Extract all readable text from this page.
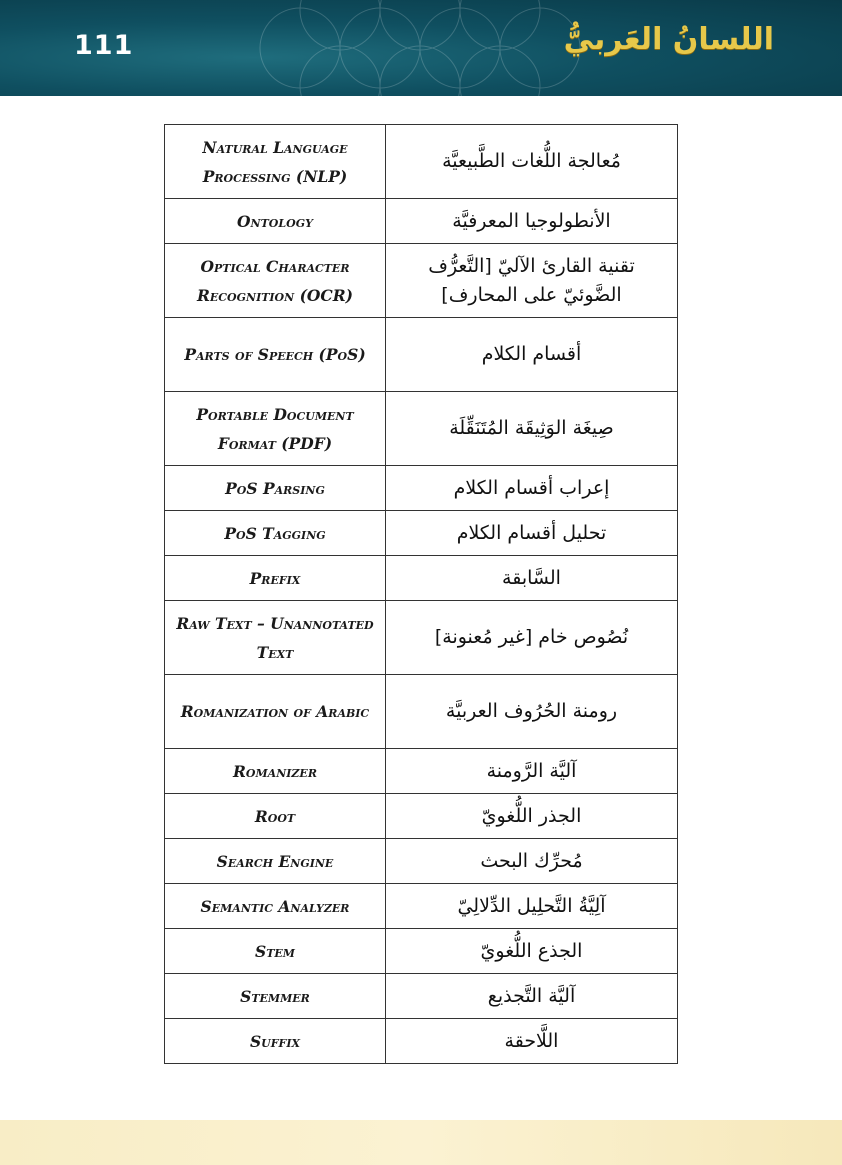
111	اللسانُ العَربيُّ
Natural Language Processing (NLP)	مُعالجة اللُّغات الطَّبيعيَّة
Ontology	الأنطولوجيا المعرفيَّة
Optical Character Recognition (OCR)	تقنية القارئ الآليّ [التَّعرُّف الضَّوئيّ على المحارف]
Parts of Speech (PoS)	أقسام الكلام
Portable Document Format (PDF)	صِيغَة الوَثِيقَة المُتَنَقِّلَة
PoS Parsing	إعراب أقسام الكلام
PoS Tagging	تحليل أقسام الكلام
Prefix	السَّابقة
Raw Text – Unannotated Text	نُصُوص خام [غير مُعنونة]
Romanization of Arabic	رومنة الحُرُوف العربيَّة
Romanizer	آليَّة الرَّومنة
Root	الجذر اللُّغويّ
Search Engine	مُحرِّك البحث
Semantic Analyzer	آلِيَّةُ التَّحلِيل الدِّلالِيّ
Stem	الجذع اللُّغويّ
Stemmer	آليَّة التَّجذيع
Suffix	اللَّاحقة
